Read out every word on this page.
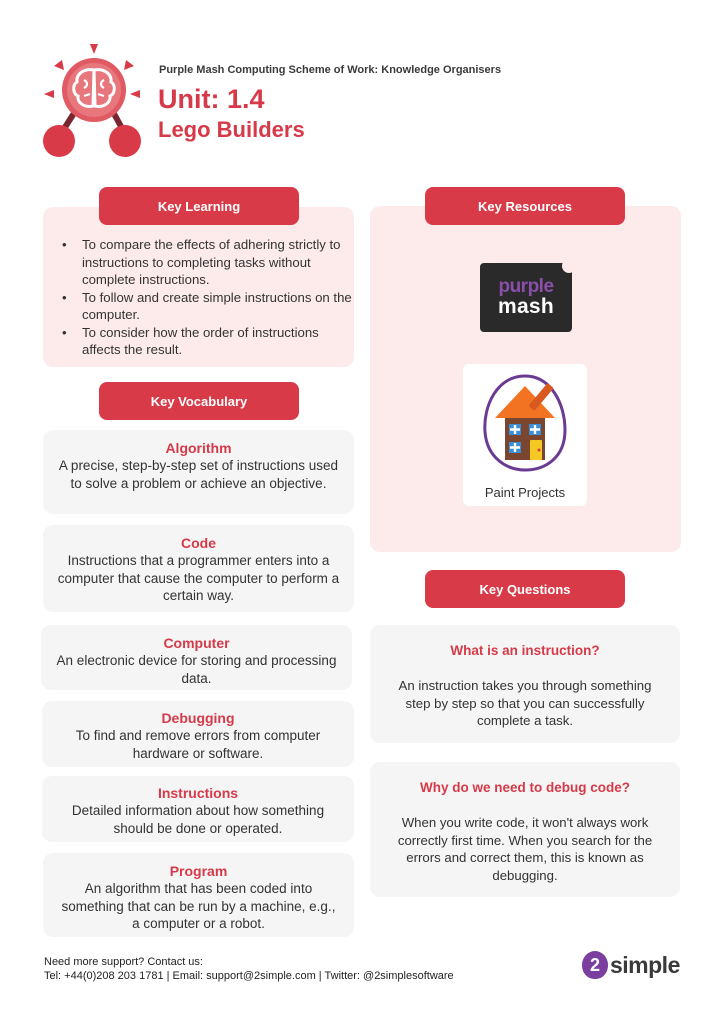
Purple Mash Computing Scheme of Work: Knowledge Organisers
Unit: 1.4
Lego Builders
Key Learning
• To compare the effects of adhering strictly to instructions to completing tasks without complete instructions.
• To follow and create simple instructions on the computer.
• To consider how the order of instructions affects the result.
Key Vocabulary
Algorithm
A precise, step-by-step set of instructions used to solve a problem or achieve an objective.
Code
Instructions that a programmer enters into a computer that cause the computer to perform a certain way.
Computer
An electronic device for storing and processing data.
Debugging
To find and remove errors from computer hardware or software.
Instructions
Detailed information about how something should be done or operated.
Program
An algorithm that has been coded into something that can be run by a machine, e.g., a computer or a robot.
Key Resources
purple
mash
Paint Projects
Key Questions
What is an instruction?
An instruction takes you through something step by step so that you can successfully complete a task.
Why do we need to debug code?
When you write code, it won't always work correctly first time. When you search for the errors and correct them, this is known as debugging.
Need more support? Contact us:
Tel: +44(0)208 203 1781 | Email: support@2simple.com | Twitter: @2simplesoftware
2 simple
